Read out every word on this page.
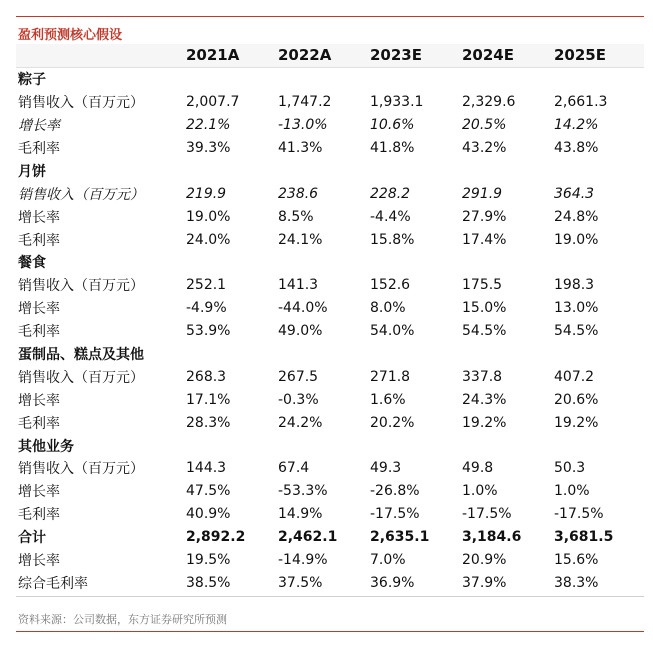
盈利预测核心假设
	2021A	2022A	2023E	2024E	2025E
粽子					
销售收入（百万元）	2,007.7	1,747.2	1,933.1	2,329.6	2,661.3
增长率	22.1%	-13.0%	10.6%	20.5%	14.2%
毛利率	39.3%	41.3%	41.8%	43.2%	43.8%
月饼					
销售收入（百万元）	219.9	238.6	228.2	291.9	364.3
增长率	19.0%	8.5%	-4.4%	27.9%	24.8%
毛利率	24.0%	24.1%	15.8%	17.4%	19.0%
餐食					
销售收入（百万元）	252.1	141.3	152.6	175.5	198.3
增长率	-4.9%	-44.0%	8.0%	15.0%	13.0%
毛利率	53.9%	49.0%	54.0%	54.5%	54.5%
蛋制品、糕点及其他					
销售收入（百万元）	268.3	267.5	271.8	337.8	407.2
增长率	17.1%	-0.3%	1.6%	24.3%	20.6%
毛利率	28.3%	24.2%	20.2%	19.2%	19.2%
其他业务					
销售收入（百万元）	144.3	67.4	49.3	49.8	50.3
增长率	47.5%	-53.3%	-26.8%	1.0%	1.0%
毛利率	40.9%	14.9%	-17.5%	-17.5%	-17.5%
合计	2,892.2	2,462.1	2,635.1	3,184.6	3,681.5
增长率	19.5%	-14.9%	7.0%	20.9%	15.6%
综合毛利率	38.5%	37.5%	36.9%	37.9%	38.3%
资料来源：公司数据，东方证券研究所预测
